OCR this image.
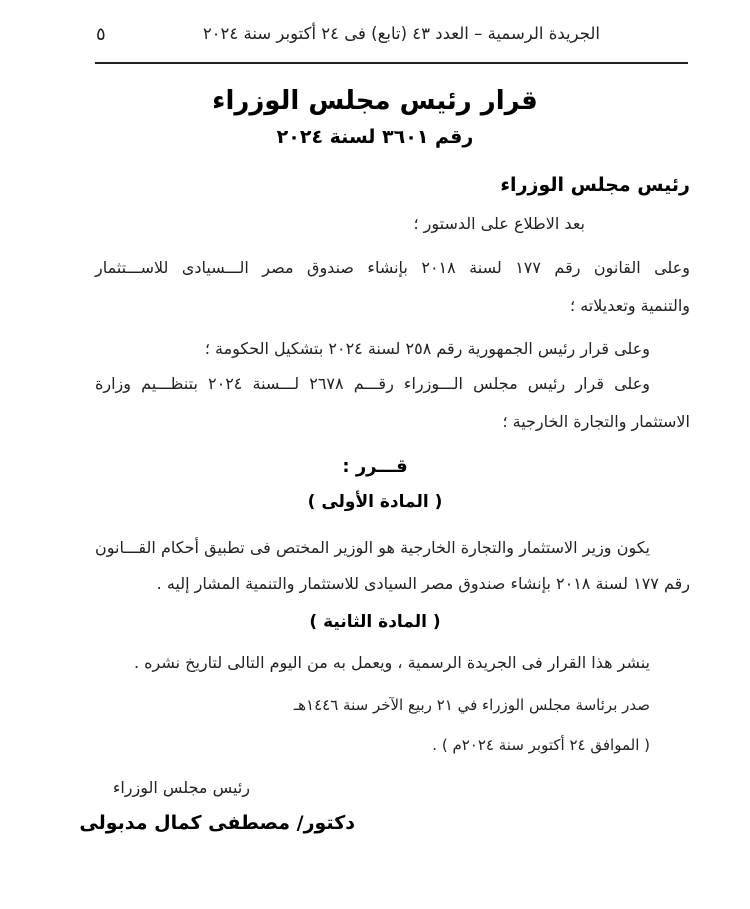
الجريدة الرسمية – العدد ٤٣ (تابع) فى ٢٤ أكتوبر سنة ٢٠٢٤
٥
قرار رئيس مجلس الوزراء
رقم ٣٦٠١ لسنة ٢٠٢٤
رئيس مجلس الوزراء
بعد الاطلاع على الدستور ؛
وعلى القانون رقم ١٧٧ لسنة ٢٠١٨ بإنشاء صندوق مصر الـــسيادى للاســـتثمار
والتنمية وتعديلاته ؛
وعلى قرار رئيس الجمهورية رقم ٢٥٨ لسنة ٢٠٢٤ بتشكيل الحكومة ؛
وعلى قرار رئيس مجلس الـــوزراء رقـــم ٢٦٧٨ لـــسنة ٢٠٢٤ بتنظـــيم وزارة
الاستثمار والتجارة الخارجية ؛
قـــرر :
( المادة الأولى )
يكون وزير الاستثمار والتجارة الخارجية هو الوزير المختص فى تطبيق أحكام القـــانون
رقم ١٧٧ لسنة ٢٠١٨ بإنشاء صندوق مصر السيادى للاستثمار والتنمية المشار إليه .
( المادة الثانية )
ينشر هذا القرار فى الجريدة الرسمية ، ويعمل به من اليوم التالى لتاريخ نشره .
صدر برئاسة مجلس الوزراء في ٢١ ربيع الآخر سنة ١٤٤٦هـ
( الموافق ٢٤ أكتوبر سنة ٢٠٢٤م ) .
رئيس مجلس الوزراء
دكتور/ مصطفى كمال مدبولى
